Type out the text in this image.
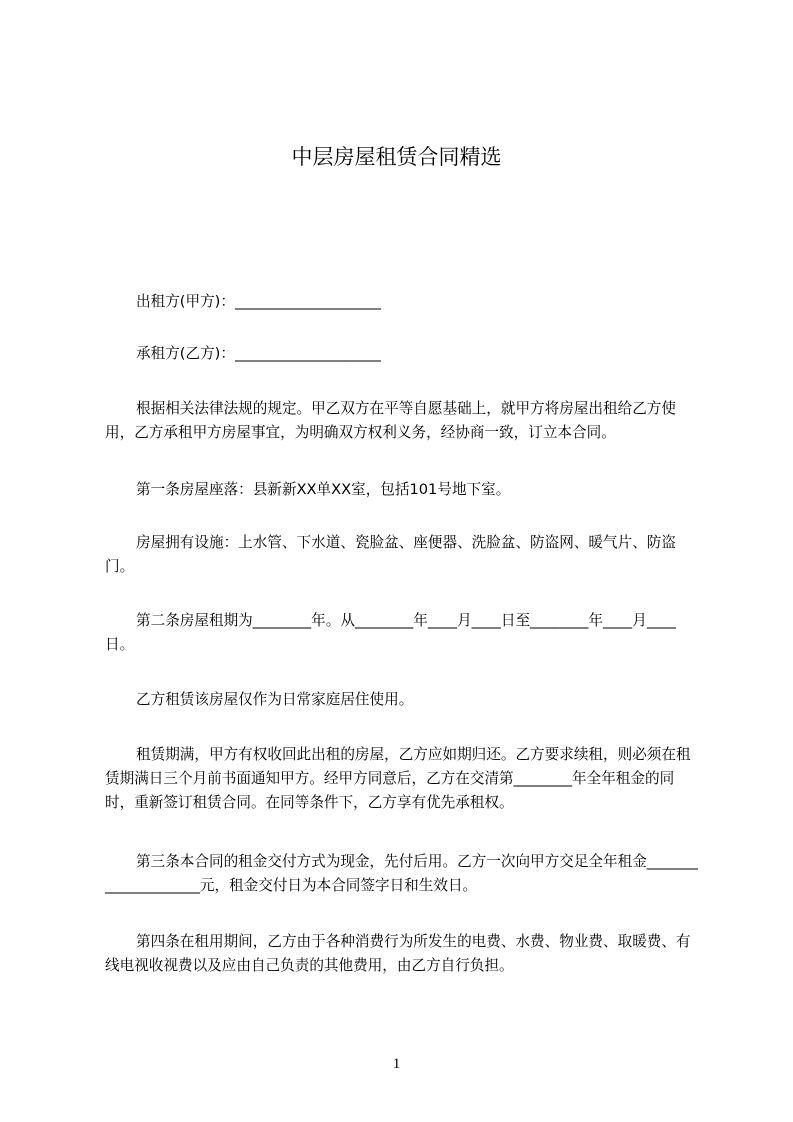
中层房屋租赁合同精选

出租方(甲方)：____________________

承租方(乙方)：____________________

根据相关法律法规的规定。甲乙双方在平等自愿基础上，就甲方将房屋出租给乙方使用，乙方承租甲方房屋事宜，为明确双方权利义务，经协商一致，订立本合同。

第一条房屋座落：县新新XX单XX室，包括101号地下室。

房屋拥有设施：上水管、下水道、瓷脸盆、座便器、洗脸盆、防盗网、暖气片、防盗门。

第二条房屋租期为________年。从________年____月____日至________年____月____日。

乙方租赁该房屋仅作为日常家庭居住使用。

租赁期满，甲方有权收回此出租的房屋，乙方应如期归还。乙方要求续租，则必须在租赁期满日三个月前书面通知甲方。经甲方同意后，乙方在交清第________年全年租金的同时，重新签订租赁合同。在同等条件下，乙方享有优先承租权。

第三条本合同的租金交付方式为现金，先付后用。乙方一次向甲方交足全年租金____________________元，租金交付日为本合同签字日和生效日。

第四条在租用期间，乙方由于各种消费行为所发生的电费、水费、物业费、取暖费、有线电视收视费以及应由自己负责的其他费用，由乙方自行负担。

1
